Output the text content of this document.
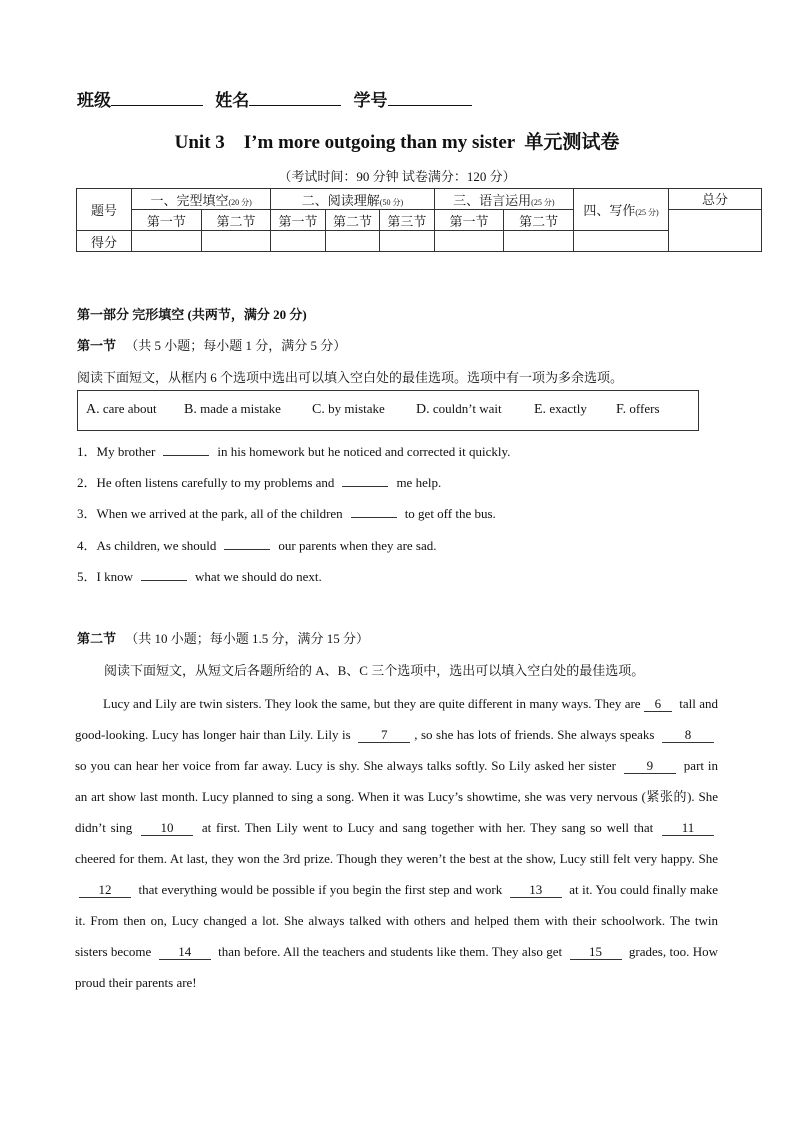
班级	姓名	学号
Unit 3    I’m more outgoing than my sister  单元测试卷
（考试时间：90 分钟 试卷满分：120 分）
题号	一、完型填空(20 分)		二、阅读理解(50 分)			三、语言运用(25 分)		四、写作(25 分)	总分
	第一节	第二节	第一节	第二节	第三节	第一节	第二节		
得分									
第一部分 完形填空 (共两节，满分 20 分)
第一节 （共 5 小题；每小题 1 分，满分 5 分）
阅读下面短文，从框内 6 个选项中选出可以填入空白处的最佳选项。选项中有一项为多余选项。
A. care about B. made a mistake C. by mistake D. couldn’t wait E. exactly F. offers
1．My brother	in his homework but he noticed and corrected it quickly.
2．He often listens carefully to my problems and	me help.
3．When we arrived at the park, all of the children	to get off the bus.
4．As children, we should	our parents when they are sad.
5．I know	what we should do next.
第二节 （共 10 小题；每小题 1.5 分，满分 15 分）
阅读下面短文，从短文后各题所给的 A、B、C 三个选项中，选出可以填入空白处的最佳选项。
Lucy and Lily are twin sisters. They look the same, but they are quite different in many ways. They are 6 tall and good-looking. Lucy has longer hair than Lily. Lily is 7 , so she has lots of friends. She always speaks 8 so you can hear her voice from far away. Lucy is shy. She always talks softly. So Lily asked her sister 9 part in an art show last month. Lucy planned to sing a song. When it was Lucy’s showtime, she was very nervous (紧张的). She didn’t sing 10 at first. Then Lily went to Lucy and sang together with her. They sang so well that 11 cheered for them. At last, they won the 3rd prize. Though they weren’t the best at the show, Lucy still felt very happy. She 12 that everything would be possible if you begin the first step and work 13 at it. You could finally make it. From then on, Lucy changed a lot. She always talked with others and helped them with their schoolwork. The twin sisters become 14 than before. All the teachers and students like them. They also get 15 grades, too. How proud their parents are!
